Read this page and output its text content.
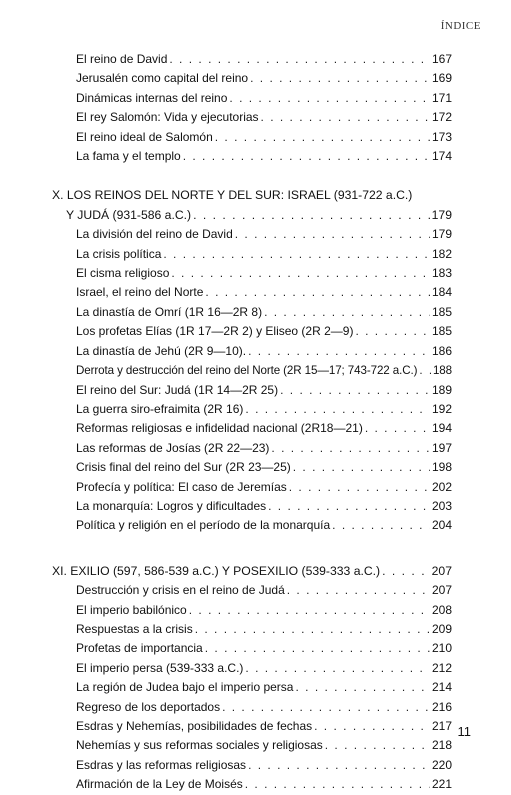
ÍNDICE
El reino de David . . .	167
Jerusalén como capital del reino . . .	169
Dinámicas internas del reino . . .	171
El rey Salomón: Vida y ejecutorias . . .	172
El reino ideal de Salomón . . .	173
La fama y el templo . . .	174
X. LOS REINOS DEL NORTE Y DEL SUR: ISRAEL (931-722 a.C.)
Y JUDÁ (931-586 a.C.) . . .	179
La división del reino de David . . .	179
La crisis política . . .	182
El cisma religioso . . .	183
Israel, el reino del Norte . . .	184
La dinastía de Omrí (1R 16—2R 8) . . .	185
Los profetas Elías (1R 17—2R 2) y Eliseo (2R 2—9) . . .	185
La dinastía de Jehú (2R 9—10). . . .	186
Derrota y destrucción del reino del Norte (2R 15—17; 743-722 a.C.) . . . 188
El reino del Sur: Judá (1R 14—2R 25) . . .	189
La guerra siro-efraimita (2R 16) . . .	192
Reformas religiosas e infidelidad nacional (2R18—21) . . .	194
Las reformas de Josías (2R 22—23) . . .	197
Crisis final del reino del Sur (2R 23—25) . . .	198
Profecía y política: El caso de Jeremías . . .	202
La monarquía: Logros y dificultades . . .	203
Política y religión en el período de la monarquía . . .	204
XI. EXILIO (597, 586-539 a.C.) Y POSEXILIO (539-333 a.C.) . . .	207
Destrucción y crisis en el reino de Judá . . .	207
El imperio babilónico . . .	208
Respuestas a la crisis . . .	209
Profetas de importancia . . .	210
El imperio persa (539-333 a.C.) . . .	212
La región de Judea bajo el imperio persa . . .	214
Regreso de los deportados . . .	216
Esdras y Nehemías, posibilidades de fechas . . .	217
Nehemías y sus reformas sociales y religiosas . . .	218
Esdras y las reformas religiosas . . .	220
Afirmación de la Ley de Moisés . . .	221
11
